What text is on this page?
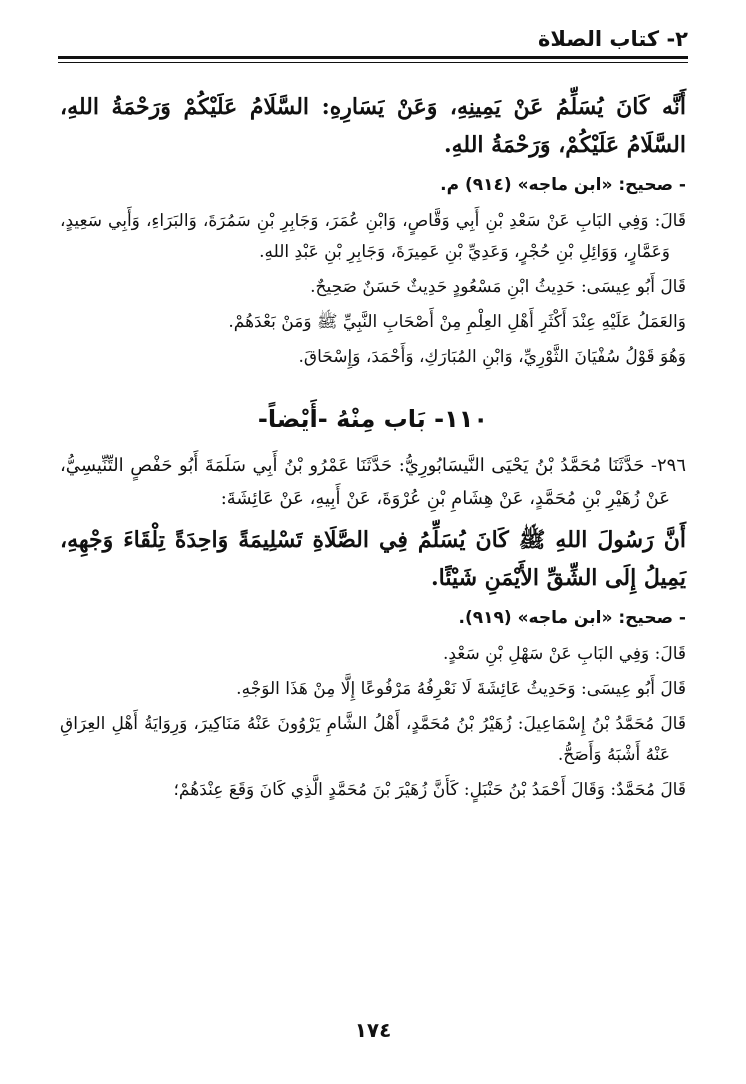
٢- كتاب الصلاة

أَنَّه كَانَ يُسَلِّمُ عَنْ يَمِينِهِ، وَعَنْ يَسَارِهِ: السَّلَامُ عَلَيْكُمْ وَرَحْمَةُ اللهِ، السَّلَامُ عَلَيْكُمْ، وَرَحْمَةُ اللهِ.

- صحيح: «ابن ماجه» (٩١٤) م.

قَالَ: وَفِي البَابِ عَنْ سَعْدِ بْنِ أَبِي وَقَّاصٍ، وَابْنِ عُمَرَ، وَجَابِرِ بْنِ سَمُرَةَ، وَالبَرَاءِ، وَأَبِي سَعِيدٍ، وَعَمَّارٍ، وَوَائِلِ بْنِ حُجْرٍ، وَعَدِيِّ بْنِ عَمِيرَةَ، وَجَابِرِ بْنِ عَبْدِ اللهِ.

قَالَ أَبُو عِيسَى: حَدِيثُ ابْنِ مَسْعُودٍ حَدِيثٌ حَسَنٌ صَحِيحٌ.

وَالعَمَلُ عَلَيْهِ عِنْدَ أَكْثَرِ أَهْلِ العِلْمِ مِنْ أَصْحَابِ النَّبِيِّ ﷺ وَمَنْ بَعْدَهُمْ.

وَهُوَ قَوْلُ سُفْيَانَ الثَّوْرِيِّ، وَابْنِ المُبَارَكِ، وَأَحْمَدَ، وَإِسْحَاقَ.

١١٠- بَاب مِنْهُ -أَيْضاً-

٢٩٦- حَدَّثَنَا مُحَمَّدُ بْنُ يَحْيَى النَّيسَابُورِيُّ: حَدَّثَنَا عَمْرُو بْنُ أَبِي سَلَمَةَ أَبُو حَفْصٍ التِّنِّيسِيُّ، عَنْ زُهَيْرِ بْنِ مُحَمَّدٍ، عَنْ هِشَامِ بْنِ عُرْوَةَ، عَنْ أَبِيهِ، عَنْ عَائِشَةَ:

أَنَّ رَسُولَ اللهِ ﷺ كَانَ يُسَلِّمُ فِي الصَّلَاةِ تَسْلِيمَةً وَاحِدَةً تِلْقَاءَ وَجْهِهِ، يَمِيلُ إِلَى الشِّقِّ الأَيْمَنِ شَيْئًا.

- صحيح: «ابن ماجه» (٩١٩).

قَالَ: وَفِي البَابِ عَنْ سَهْلِ بْنِ سَعْدٍ.

قَالَ أَبُو عِيسَى: وَحَدِيثُ عَائِشَةَ لَا نَعْرِفُهُ مَرْفُوعًا إِلَّا مِنْ هَذَا الوَجْهِ.

قَالَ مُحَمَّدُ بْنُ إِسْمَاعِيلَ: زُهَيْرُ بْنُ مُحَمَّدٍ، أَهْلُ الشَّامِ يَرْوُونَ عَنْهُ مَنَاكِيرَ، وَرِوَايَةُ أَهْلِ العِرَاقِ عَنْهُ أَشْبَهُ وَأَصَحُّ.

قَالَ مُحَمَّدٌ: وَقَالَ أَحْمَدُ بْنُ حَنْبَلٍ: كَأَنَّ زُهَيْرَ بْنَ مُحَمَّدٍ الَّذِي كَانَ وَقَعَ عِنْدَهُمْ؛

١٧٤
